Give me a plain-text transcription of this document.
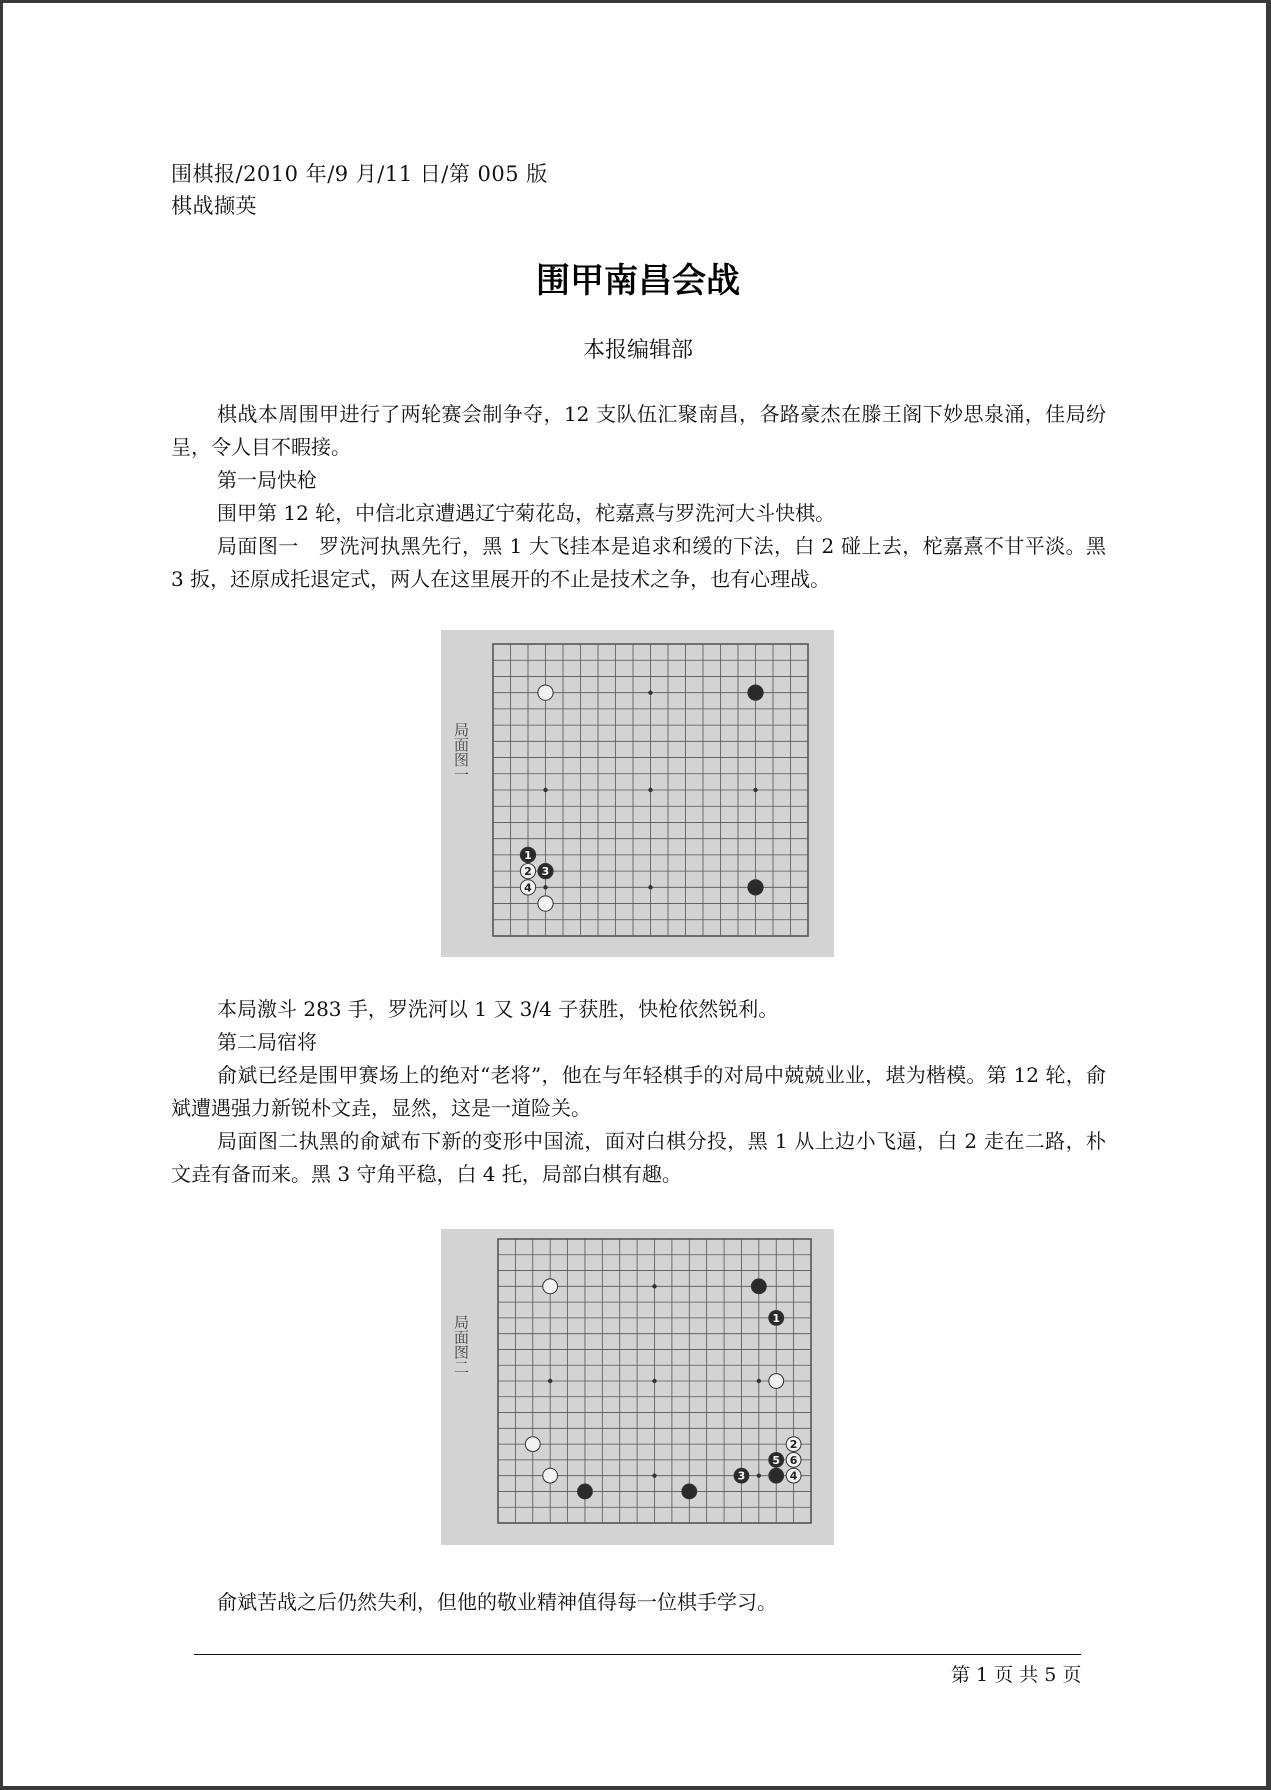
围棋报/2010 年/9 月/11 日/第 005 版
棋战撷英
围甲南昌会战
本报编辑部
棋战本周围甲进行了两轮赛会制争夺，12 支队伍汇聚南昌，各路豪杰在滕王阁下妙思泉涌，佳局纷呈，令人目不暇接。
第一局快枪
围甲第 12 轮，中信北京遭遇辽宁菊花岛，柁嘉熹与罗洗河大斗快棋。
局面图一　罗洗河执黑先行，黑 1 大飞挂本是追求和缓的下法，白 2 碰上去，柁嘉熹不甘平淡。黑 3 扳，还原成托退定式，两人在这里展开的不止是技术之争，也有心理战。
局面图一
1
2 3
4
本局激斗 283 手，罗洗河以 1 又 3/4 子获胜，快枪依然锐利。
第二局宿将
俞斌已经是围甲赛场上的绝对“老将”，他在与年轻棋手的对局中兢兢业业，堪为楷模。第 12 轮，俞斌遭遇强力新锐朴文垚，显然，这是一道险关。
局面图二执黑的俞斌布下新的变形中国流，面对白棋分投，黑 1 从上边小飞逼，白 2 走在二路，朴文垚有备而来。黑 3 守角平稳，白 4 托，局部白棋有趣。
局面图二	1
2
5 6
3	4
俞斌苦战之后仍然失利，但他的敬业精神值得每一位棋手学习。
第 1 页 共 5 页
